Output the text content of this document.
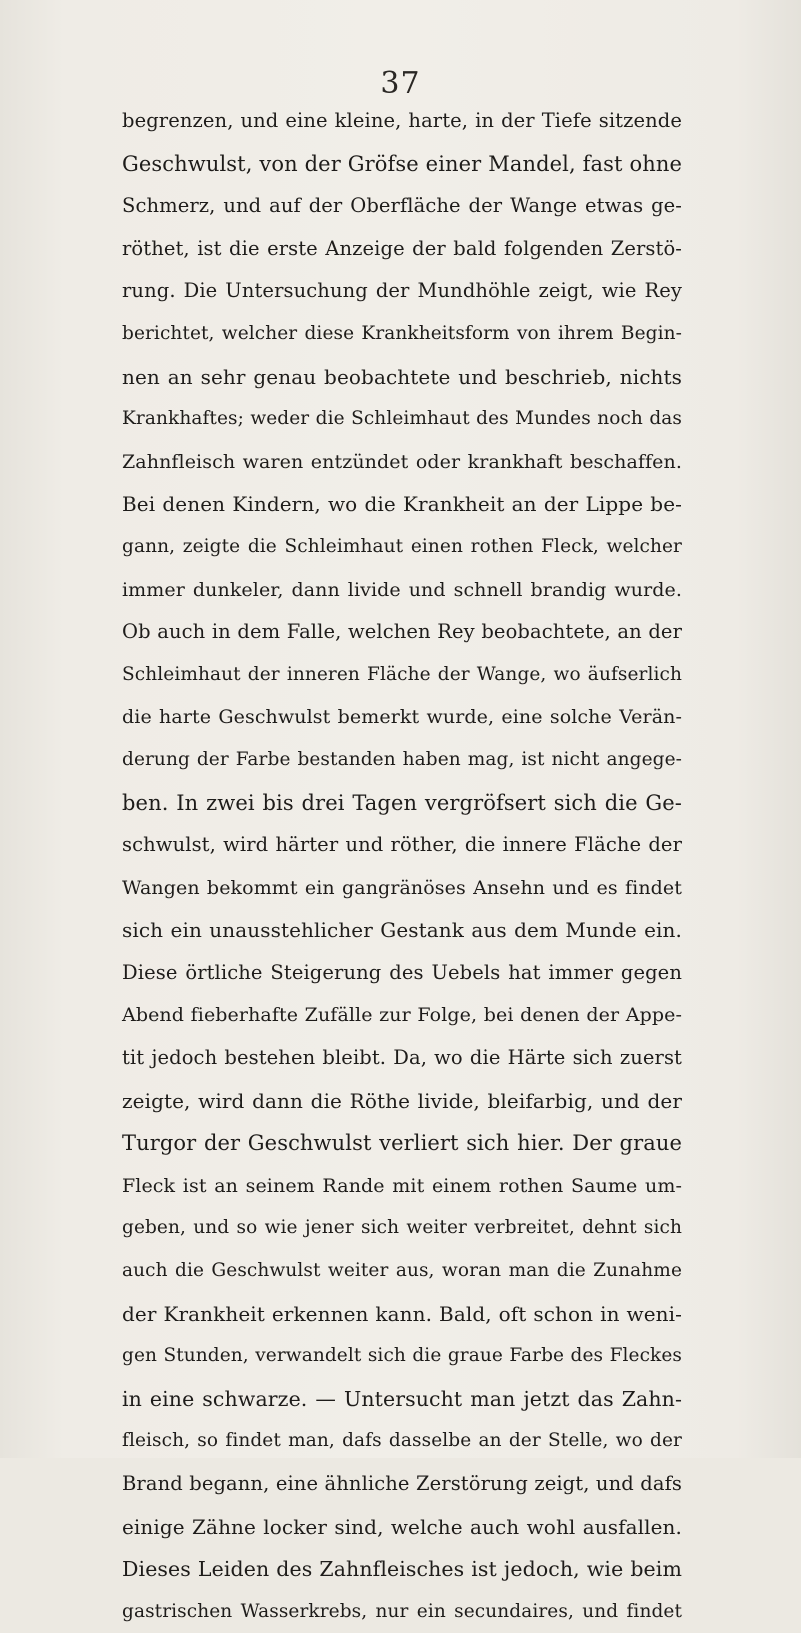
37
begrenzen, und eine kleine, harte, in der Tiefe sitzende
Geschwulst, von der Gröfse einer Mandel, fast ohne
Schmerz, und auf der Oberfläche der Wange etwas ge-
röthet, ist die erste Anzeige der bald folgenden Zerstö-
rung. Die Untersuchung der Mundhöhle zeigt, wie Rey
berichtet, welcher diese Krankheitsform von ihrem Begin-
nen an sehr genau beobachtete und beschrieb, nichts
Krankhaftes; weder die Schleimhaut des Mundes noch das
Zahnfleisch waren entzündet oder krankhaft beschaffen.
Bei denen Kindern, wo die Krankheit an der Lippe be-
gann, zeigte die Schleimhaut einen rothen Fleck, welcher
immer dunkeler, dann livide und schnell brandig wurde.
Ob auch in dem Falle, welchen Rey beobachtete, an der
Schleimhaut der inneren Fläche der Wange, wo äufserlich
die harte Geschwulst bemerkt wurde, eine solche Verän-
derung der Farbe bestanden haben mag, ist nicht angege-
ben. In zwei bis drei Tagen vergröfsert sich die Ge-
schwulst, wird härter und röther, die innere Fläche der
Wangen bekommt ein gangränöses Ansehn und es findet
sich ein unausstehlicher Gestank aus dem Munde ein.
Diese örtliche Steigerung des Uebels hat immer gegen
Abend fieberhafte Zufälle zur Folge, bei denen der Appe-
tit jedoch bestehen bleibt. Da, wo die Härte sich zuerst
zeigte, wird dann die Röthe livide, bleifarbig, und der
Turgor der Geschwulst verliert sich hier. Der graue
Fleck ist an seinem Rande mit einem rothen Saume um-
geben, und so wie jener sich weiter verbreitet, dehnt sich
auch die Geschwulst weiter aus, woran man die Zunahme
der Krankheit erkennen kann. Bald, oft schon in weni-
gen Stunden, verwandelt sich die graue Farbe des Fleckes
in eine schwarze. — Untersucht man jetzt das Zahn-
fleisch, so findet man, dafs dasselbe an der Stelle, wo der
Brand begann, eine ähnliche Zerstörung zeigt, und dafs
einige Zähne locker sind, welche auch wohl ausfallen.
Dieses Leiden des Zahnfleisches ist jedoch, wie beim
gastrischen Wasserkrebs, nur ein secundaires, und findet
